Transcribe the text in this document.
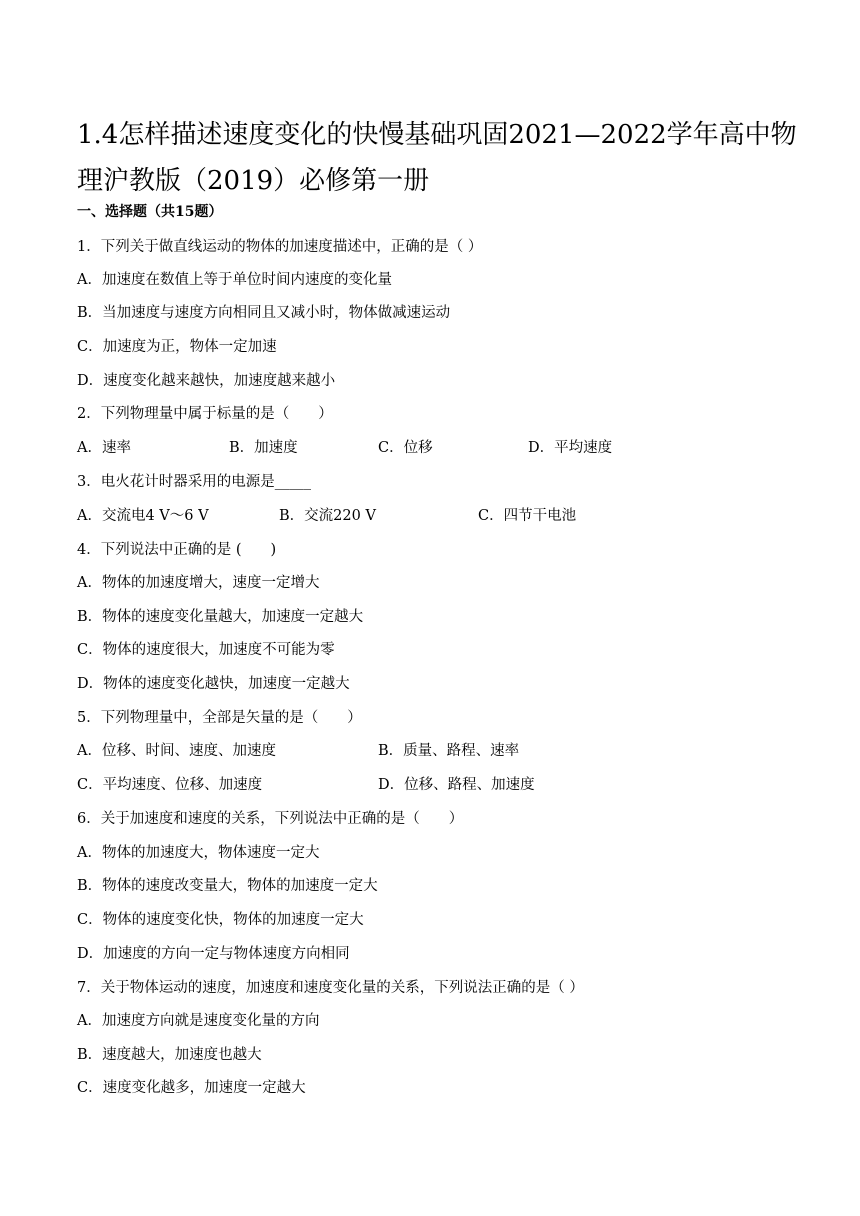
1.4怎样描述速度变化的快慢基础巩固2021—2022学年高中物理沪教版（2019）必修第一册
一、选择题（共15题）
1．下列关于做直线运动的物体的加速度描述中，正确的是（ ）
A．加速度在数值上等于单位时间内速度的变化量
B．当加速度与速度方向相同且又减小时，物体做减速运动
C．加速度为正，物体一定加速
D．速度变化越来越快，加速度越来越小
2．下列物理量中属于标量的是（　　）
A．速率	B．加速度	C．位移	D．平均速度
3．电火花计时器采用的电源是_____
A．交流电4 V～6 V	B．交流220 V	C．四节干电池
4．下列说法中正确的是 (　　)
A．物体的加速度增大，速度一定增大
B．物体的速度变化量越大，加速度一定越大
C．物体的速度很大，加速度不可能为零
D．物体的速度变化越快，加速度一定越大
5．下列物理量中，全部是矢量的是（　　）
A．位移、时间、速度、加速度	B．质量、路程、速率
C．平均速度、位移、加速度	D．位移、路程、加速度
6．关于加速度和速度的关系，下列说法中正确的是（　　）
A．物体的加速度大，物体速度一定大
B．物体的速度改变量大，物体的加速度一定大
C．物体的速度变化快，物体的加速度一定大
D．加速度的方向一定与物体速度方向相同
7．关于物体运动的速度，加速度和速度变化量的关系，下列说法正确的是（ ）
A．加速度方向就是速度变化量的方向
B．速度越大，加速度也越大
C．速度变化越多，加速度一定越大
